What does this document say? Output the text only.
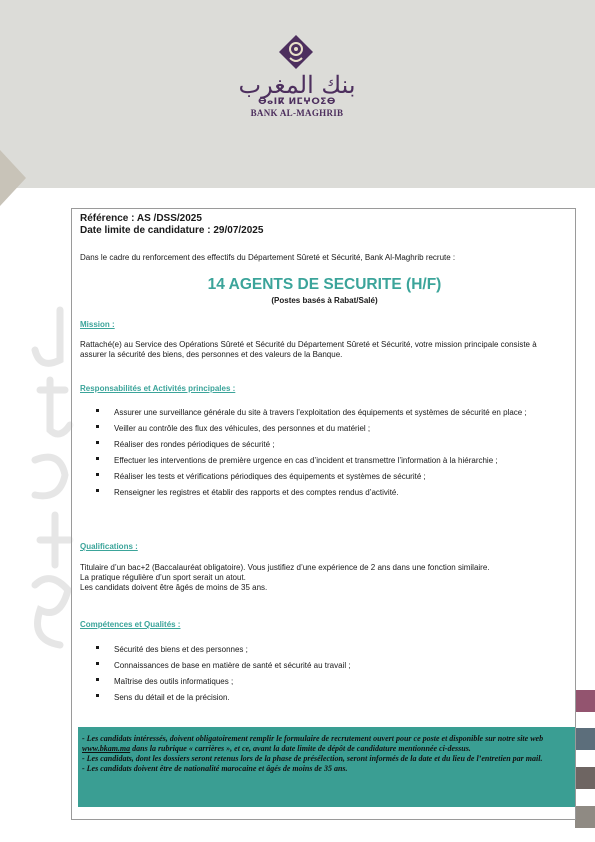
بنك المغرب
ⴱⴰⵏⴽ ⵍⵎⵖⵔⵉⴱ
BANK AL-MAGHRIB
Référence : AS /DSS/2025
Date limite de candidature : 29/07/2025
Dans le cadre du renforcement des effectifs du Département Sûreté et Sécurité, Bank Al-Maghrib recrute :
14 AGENTS DE SECURITE (H/F)
(Postes basés à Rabat/Salé)
Mission :
Rattaché(e) au Service des Opérations Sûreté et Sécurité du Département Sûreté et Sécurité, votre mission principale consiste à assurer la sécurité des biens, des personnes et des valeurs de la Banque.
Responsabilités et Activités principales :
Assurer une surveillance générale du site à travers l’exploitation des équipements et systèmes de sécurité en place ;
Veiller au contrôle des flux des véhicules, des personnes et du matériel ;
Réaliser des rondes périodiques de sécurité ;
Effectuer les interventions de première urgence en cas d’incident et transmettre l’information à la hiérarchie ;
Réaliser les tests et vérifications périodiques des équipements et systèmes de sécurité ;
Renseigner les registres et établir des rapports et des comptes rendus d’activité.
Qualifications :
Titulaire d’un bac+2 (Baccalauréat obligatoire). Vous justifiez d’une expérience de 2 ans dans une fonction similaire.
La pratique régulière d’un sport serait un atout.
Les candidats doivent être âgés de moins de 35 ans.
Compétences et Qualités :
Sécurité des biens et des personnes ;
Connaissances de base en matière de santé et sécurité au travail ;
Maîtrise des outils informatiques ;
Sens du détail et de la précision.

- Les candidats intéressés, doivent obligatoirement remplir le formulaire de recrutement ouvert pour ce poste et disponible sur notre site web www.bkam.ma dans la rubrique « carrières », et ce, avant la date limite de dépôt de candidature mentionnée ci-dessus.

- Les candidats, dont les dossiers seront retenus lors de la phase de présélection, seront informés de la date et du lieu de l’entretien par mail.

- Les candidats doivent être de nationalité marocaine et âgés de moins de 35 ans.
